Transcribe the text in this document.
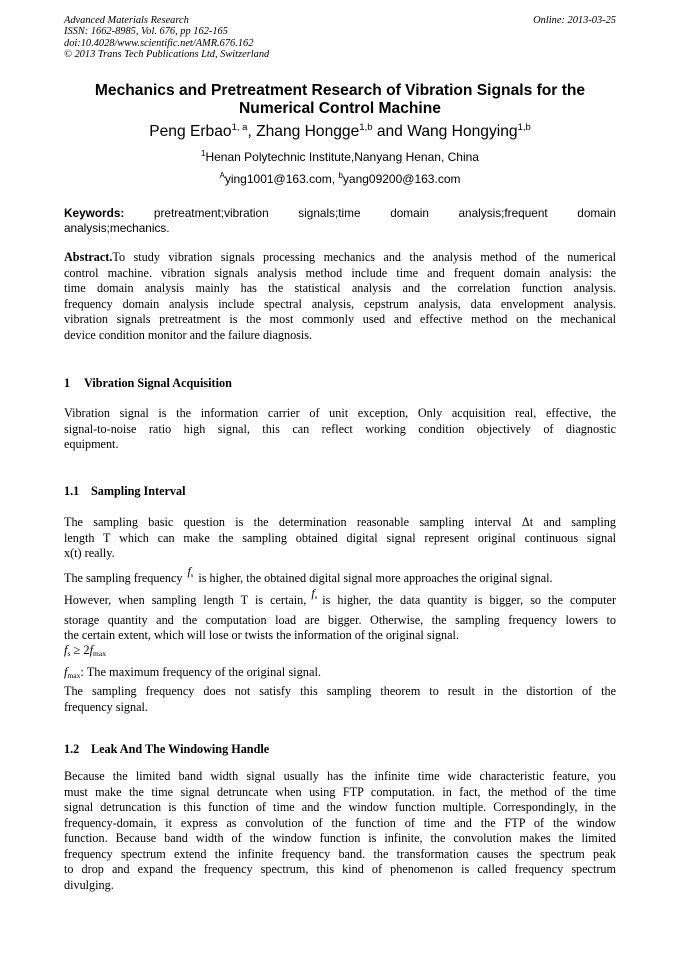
Advanced Materials Research
ISSN: 1662-8985, Vol. 676, pp 162-165
doi:10.4028/www.scientific.net/AMR.676.162
© 2013 Trans Tech Publications Ltd, Switzerland
Online: 2013-03-25
Mechanics and Pretreatment Research of Vibration Signals for the
Numerical Control Machine
Peng Erbao$^{1, a}$, Zhang Hongge$^{1,b}$ and Wang Hongying$^{1,b}$
$^1$Henan Polytechnic Institute,Nanyang Henan, China
$^A$ying1001@163.com, $^b$yang09200@163.com
Keywords:	pretreatment;vibration	signals;time	domain	analysis;frequent	domain
analysis;mechanics.
Abstract.To study vibration signals processing mechanics and the analysis method of the numerical
control machine. vibration signals analysis method include time and frequent domain analysis: the
time domain analysis mainly has the statistical analysis and the correlation function analysis.
frequency domain analysis include spectral analysis, cepstrum analysis, data envelopment analysis.
vibration signals pretreatment is the most commonly used and effective method on the mechanical
device condition monitor and the failure diagnosis.
1 Vibration Signal Acquisition
Vibration signal is the information carrier of unit exception, Only acquisition real, effective, the
signal-to-noise ratio high signal, this can reflect working condition objectively of diagnostic
equipment.
1.1 Sampling Interval
The sampling basic question is the determination reasonable sampling interval Δt and sampling
length T which can make the sampling obtained digital signal represent original continuous signal
x(t) really.
The sampling frequency fs is higher, the obtained digital signal more approaches the original signal.
However, when sampling length T is certain, fs is higher, the data quantity is bigger, so the computer
storage quantity and the computation load are bigger. Otherwise, the sampling frequency lowers to
the certain extent, which will lose or twists the information of the original signal.
fs ≥ 2fmax
fmax: The maximum frequency of the original signal.
The sampling frequency does not satisfy this sampling theorem to result in the distortion of the
frequency signal.
1.2 Leak And The Windowing Handle
Because the limited band width signal usually has the infinite time wide characteristic feature, you
must make the time signal detruncate when using FTP computation. in fact, the method of the time
signal detruncation is this function of time and the window function multiple. Correspondingly, in the
frequency-domain, it express as convolution of the function of time and the FTP of the window
function. Because band width of the window function is infinite, the convolution makes the limited
frequency spectrum extend the infinite frequency band. the transformation causes the spectrum peak
to drop and expand the frequency spectrum, this kind of phenomenon is called frequency spectrum
divulging.
